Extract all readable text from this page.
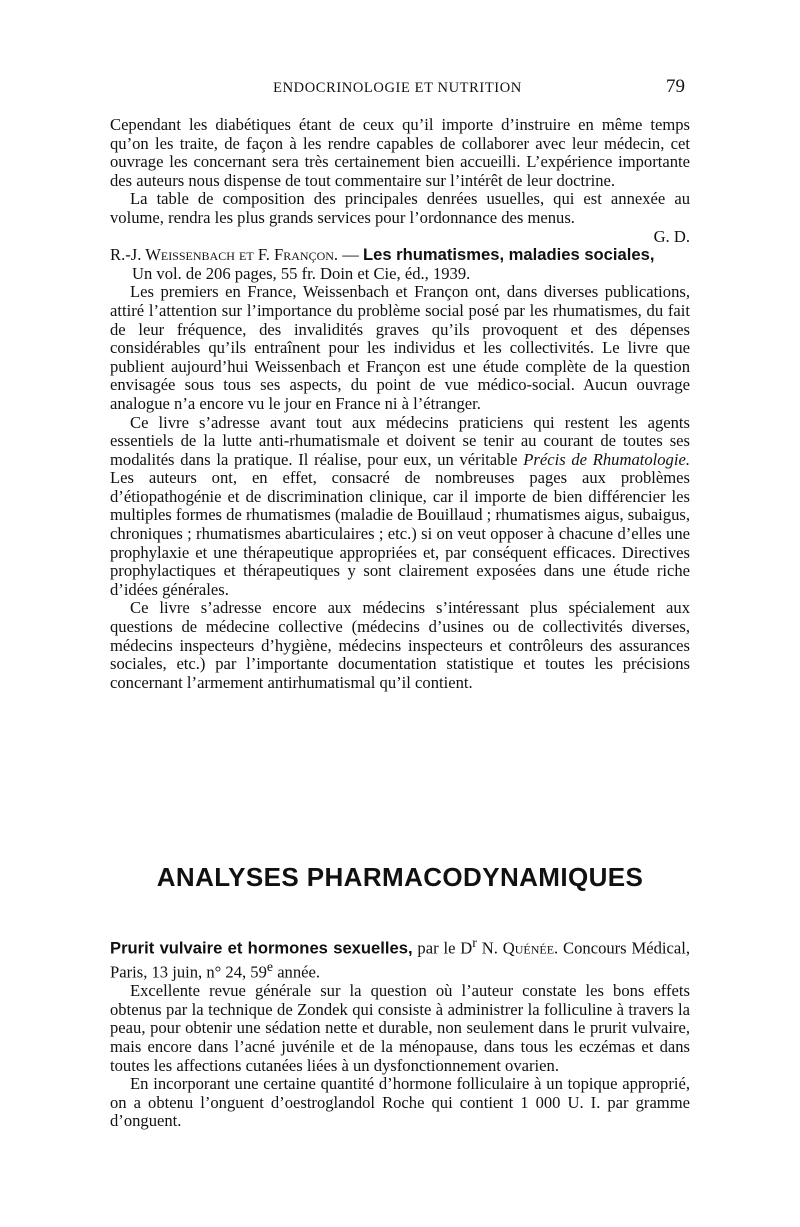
ENDOCRINOLOGIE ET NUTRITION	79

Cependant les diabétiques étant de ceux qu’il importe d’instruire en même temps qu’on les traite, de façon à les rendre capables de collaborer avec leur médecin, cet ouvrage les concernant sera très certainement bien accueilli. L’expérience importante des auteurs nous dispense de tout commentaire sur l’intérêt de leur doctrine.

La table de composition des principales denrées usuelles, qui est annexée au volume, rendra les plus grands services pour l’ordonnance des menus.

G. D.

R.-J. Weissenbach et F. Françon. — Les rhumatismes, maladies sociales,

Un vol. de 206 pages, 55 fr. Doin et Cie, éd., 1939.

Les premiers en France, Weissenbach et Françon ont, dans diverses publications, attiré l’attention sur l’importance du problème social posé par les rhumatismes, du fait de leur fréquence, des invalidités graves qu’ils provoquent et des dépenses considérables qu’ils entraînent pour les individus et les collectivités. Le livre que publient aujourd’hui Weissenbach et Françon est une étude complète de la question envisagée sous tous ses aspects, du point de vue médico-social. Aucun ouvrage analogue n’a encore vu le jour en France ni à l’étranger.

Ce livre s’adresse avant tout aux médecins praticiens qui restent les agents essentiels de la lutte anti-rhumatismale et doivent se tenir au courant de toutes ses modalités dans la pratique. Il réalise, pour eux, un véritable Précis de Rhumatologie. Les auteurs ont, en effet, consacré de nombreuses pages aux problèmes d’étiopathogénie et de discrimination clinique, car il importe de bien différencier les multiples formes de rhumatismes (maladie de Bouillaud ; rhumatismes aigus, subaigus, chroniques ; rhumatismes abarticulaires ; etc.) si on veut opposer à chacune d’elles une prophylaxie et une thérapeutique appropriées et, par conséquent efficaces. Directives prophylactiques et thérapeutiques y sont clairement exposées dans une étude riche d’idées générales.

Ce livre s’adresse encore aux médecins s’intéressant plus spécialement aux questions de médecine collective (médecins d’usines ou de collectivités diverses, médecins inspecteurs d’hygiène, médecins inspecteurs et contrôleurs des assurances sociales, etc.) par l’importante documentation statistique et toutes les précisions concernant l’armement antirhumatismal qu’il contient.

ANALYSES PHARMACODYNAMIQUES

Prurit vulvaire et hormones sexuelles, par le $D^r$ N. Quénée. Concours Médical, Paris, 13 juin, n° 24, 59e année.

Excellente revue générale sur la question où l’auteur constate les bons effets obtenus par la technique de Zondek qui consiste à administrer la folliculine à travers la peau, pour obtenir une sédation nette et durable, non seulement dans le prurit vulvaire, mais encore dans l’acné juvénile et de la ménopause, dans tous les eczémas et dans toutes les affections cutanées liées à un dysfonctionnement ovarien.

En incorporant une certaine quantité d’hormone folliculaire à un topique approprié, on a obtenu l’onguent d’oestroglandol Roche qui contient 1 000 U. I. par gramme d’onguent.
